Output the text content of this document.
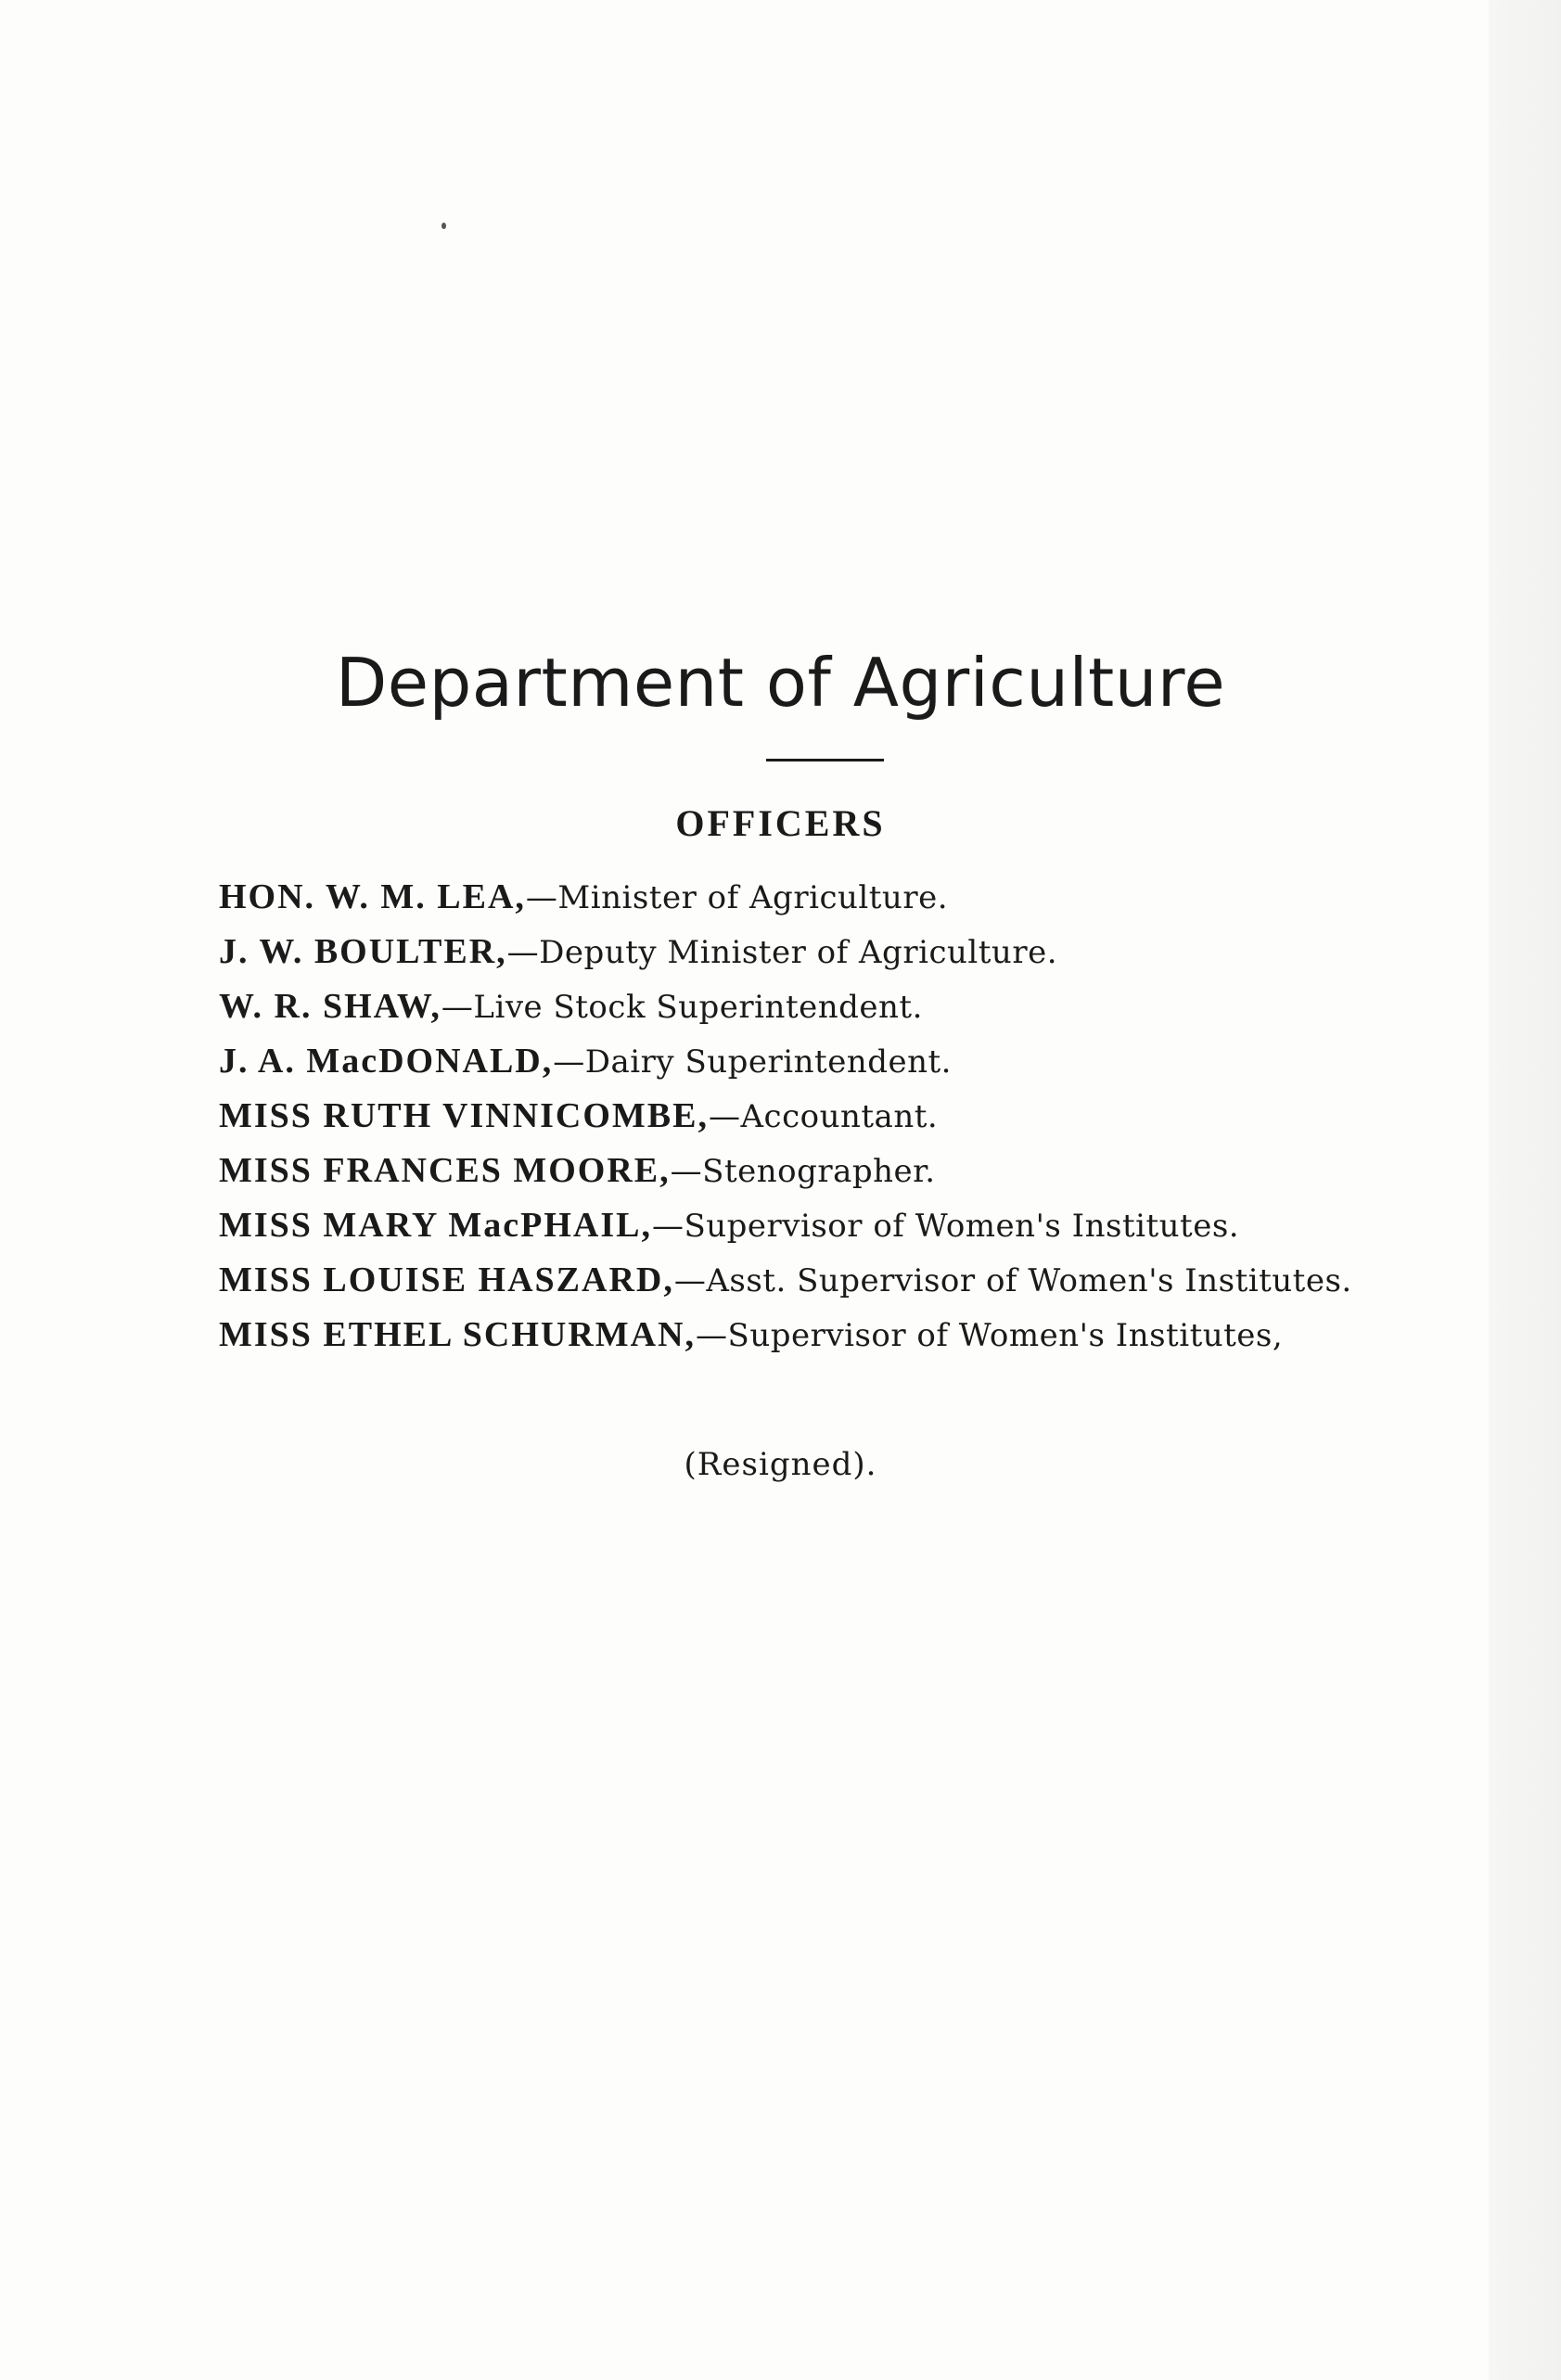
Department of Agriculture
OFFICERS
HON. W. M. LEA,—Minister of Agriculture.
J. W. BOULTER,—Deputy Minister of Agriculture.
W. R. SHAW,—Live Stock Superintendent.
J. A. MacDONALD,—Dairy Superintendent.
MISS RUTH VINNICOMBE,—Accountant.
MISS FRANCES MOORE,—Stenographer.
MISS MARY MacPHAIL,—Supervisor of Women's Institutes.
MISS LOUISE HASZARD,—Asst. Supervisor of Women's Institutes.
MISS ETHEL SCHURMAN,—Supervisor of Women's Institutes,
(Resigned).
